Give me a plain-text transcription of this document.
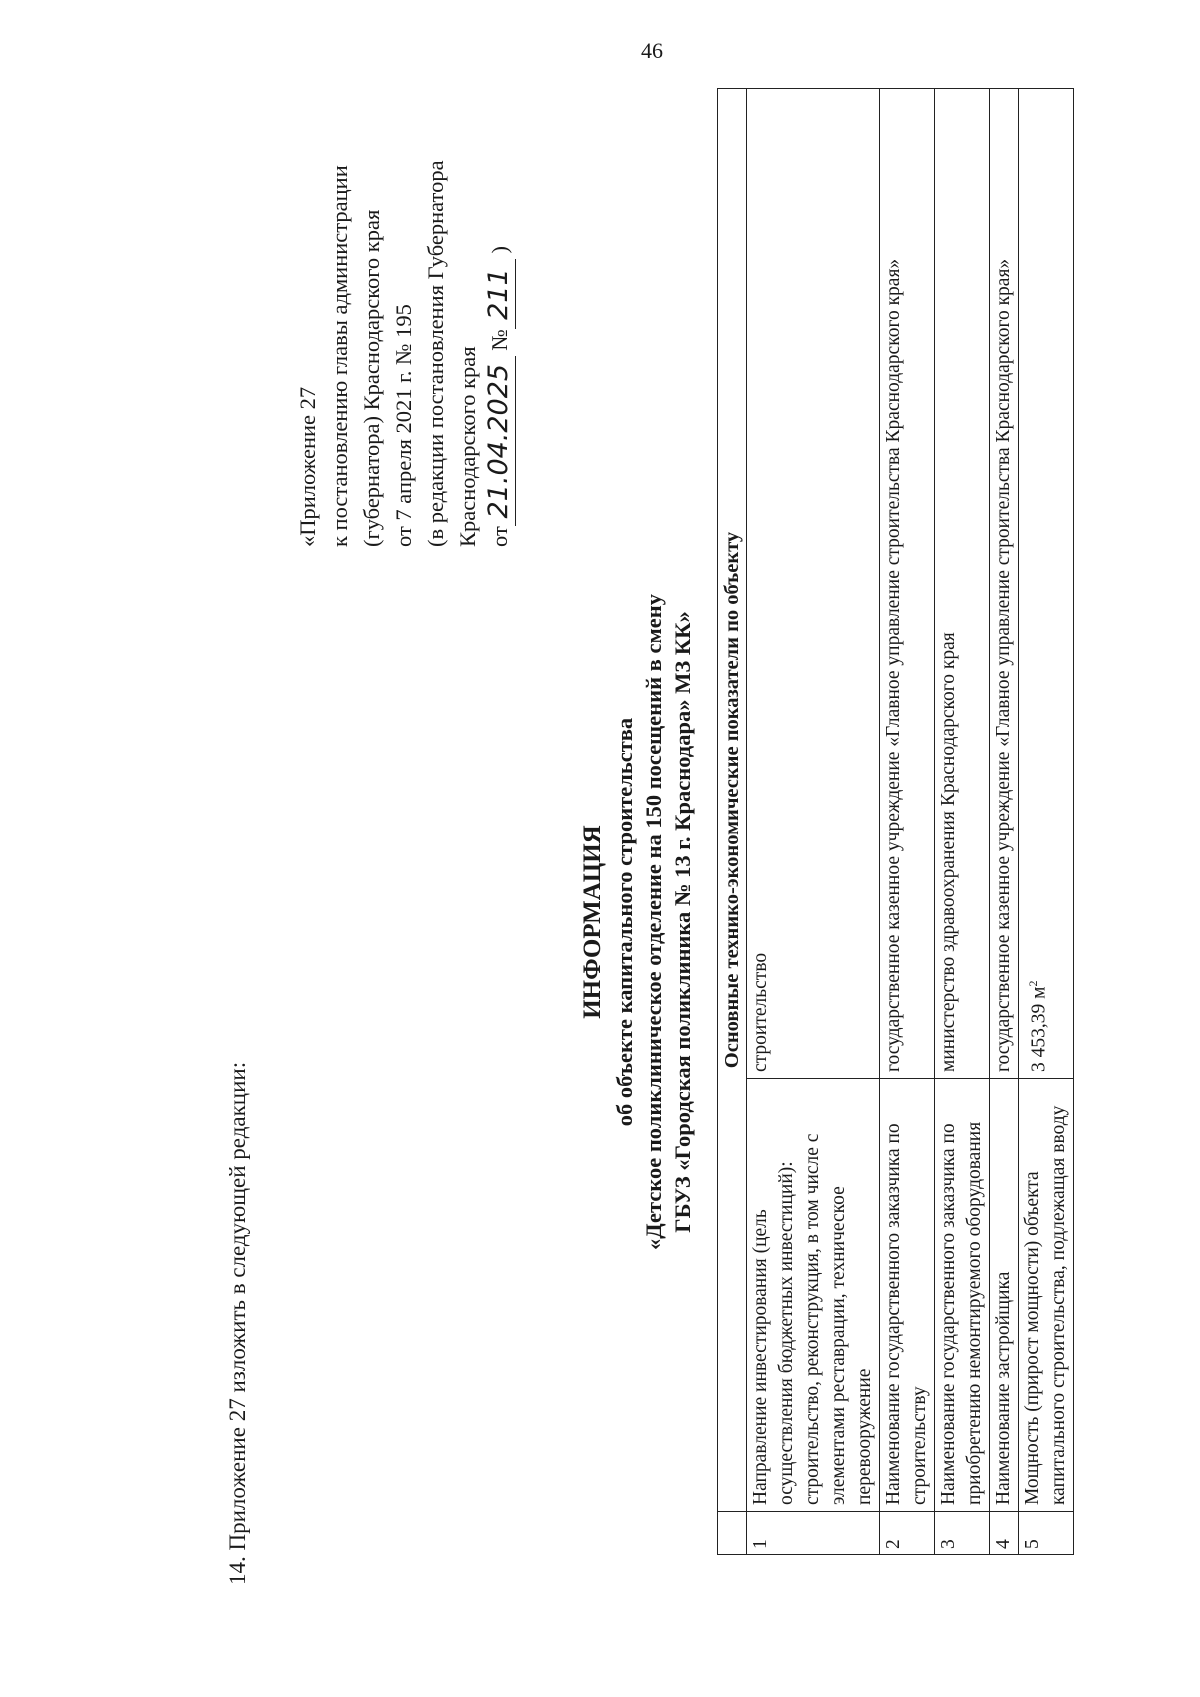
46
14. Приложение 27 изложить в следующей редакции:
«Приложение 27 к постановлению главы администрации (губернатора) Краснодарского края от 7 апреля 2021 г. № 195 (в редакции постановления Губернатора Краснодарского края от21.04.2025 №211 )
ИНФОРМАЦИЯ об объекте капитального строительства «Детское поликлиническое отделение на 150 посещений в смену ГБУЗ «Городская поликлиника № 13 г. Краснодара» МЗ КК»
	Основные технико-экономические показатели по объекту	
1	Направление инвестирования (цель осуществления бюджетных инвестиций): строительство, реконструкция, в том числе с элементами реставрации, техническое перевооружение	строительство
2	Наименование государственного заказчика по строительству	государственное казенное учреждение «Главное управление строительства Краснодарского края»
3	Наименование государственного заказчика по приобретению немонтируемого оборудования	министерство здравоохранения Краснодарского края
4	Наименование застройщика	государственное казенное учреждение «Главное управление строительства Краснодарского края»
5	Мощность (прирост мощности) объекта капитального строительства, подлежащая вводу	3 453,39 $м^2$
